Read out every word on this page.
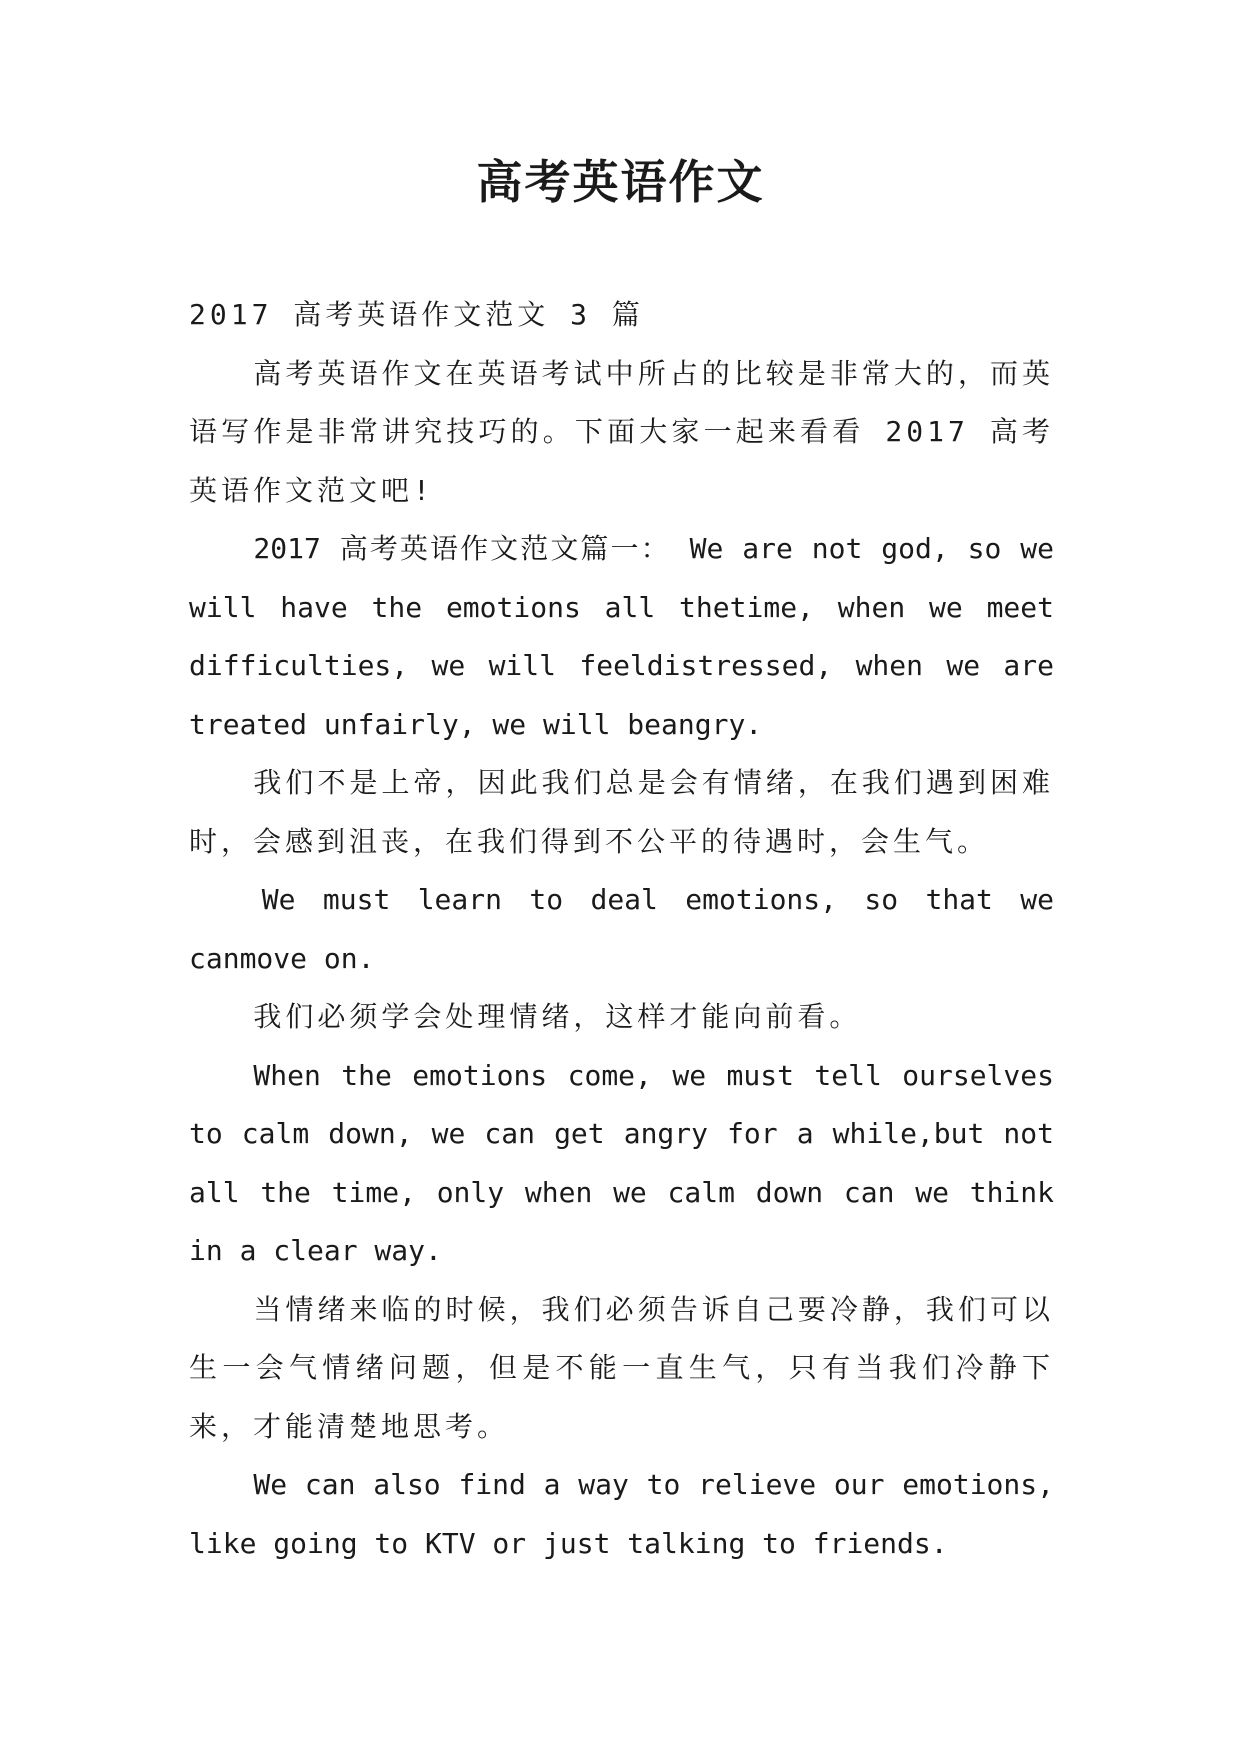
高考英语作文

2017 高考英语作文范文 3 篇

高考英语作文在英语考试中所占的比较是非常大的，而英语写作是非常讲究技巧的。下面大家一起来看看 2017 高考英语作文范文吧!

2017 高考英语作文范文篇一： We are not god, so we will have the emotions all thetime, when we meet difficulties, we will feeldistressed, when we are treated unfairly, we will beangry.

我们不是上帝，因此我们总是会有情绪，在我们遇到困难时，会感到沮丧，在我们得到不公平的待遇时，会生气。

We must learn to deal emotions, so that we canmove on.

我们必须学会处理情绪，这样才能向前看。

When the emotions come, we must tell ourselves to calm down, we can get angry for a while,but not all the time, only when we calm down can we think in a clear way.

当情绪来临的时候，我们必须告诉自己要冷静，我们可以生一会气情绪问题，但是不能一直生气，只有当我们冷静下来，才能清楚地思考。

We can also find a way to relieve our emotions, like going to KTV or just talking to friends.
